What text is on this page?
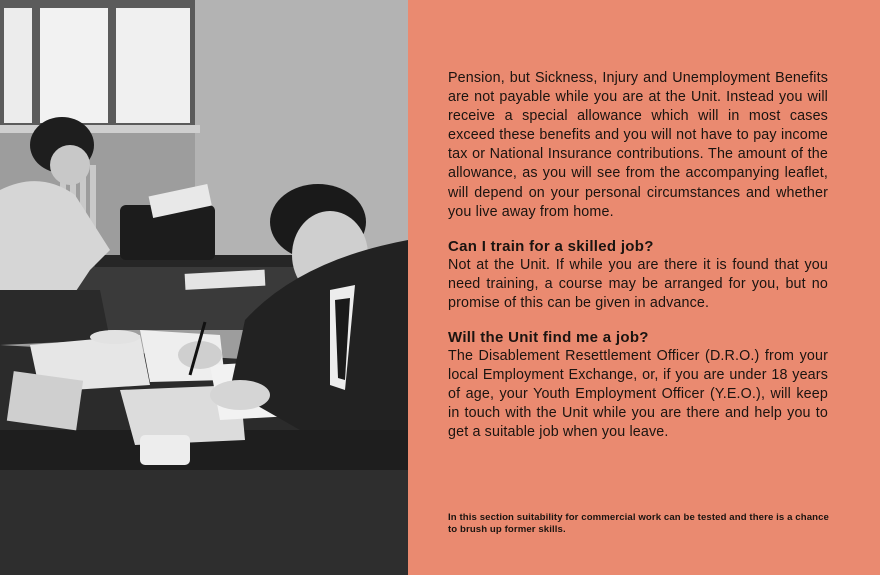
Pension, but Sickness, Injury and Unemployment Benefits are not payable while you are at the Unit. Instead you will receive a special allowance which will in most cases exceed these benefits and you will not have to pay income tax or National Insurance contributions. The amount of the allowance, as you will see from the accompanying leaflet, will depend on your personal circumstances and whether you live away from home.

Can I train for a skilled job?

Not at the Unit. If while you are there it is found that you need training, a course may be arranged for you, but no promise of this can be given in advance.

Will the Unit find me a job?

The Disablement Resettlement Officer (D.R.O.) from your local Employment Exchange, or, if you are under 18 years of age, your Youth Employment Officer (Y.E.O.), will keep in touch with the Unit while you are there and help you to get a suitable job when you leave.

In this section suitability for commercial work can be tested and there is a chance to brush up former skills.
